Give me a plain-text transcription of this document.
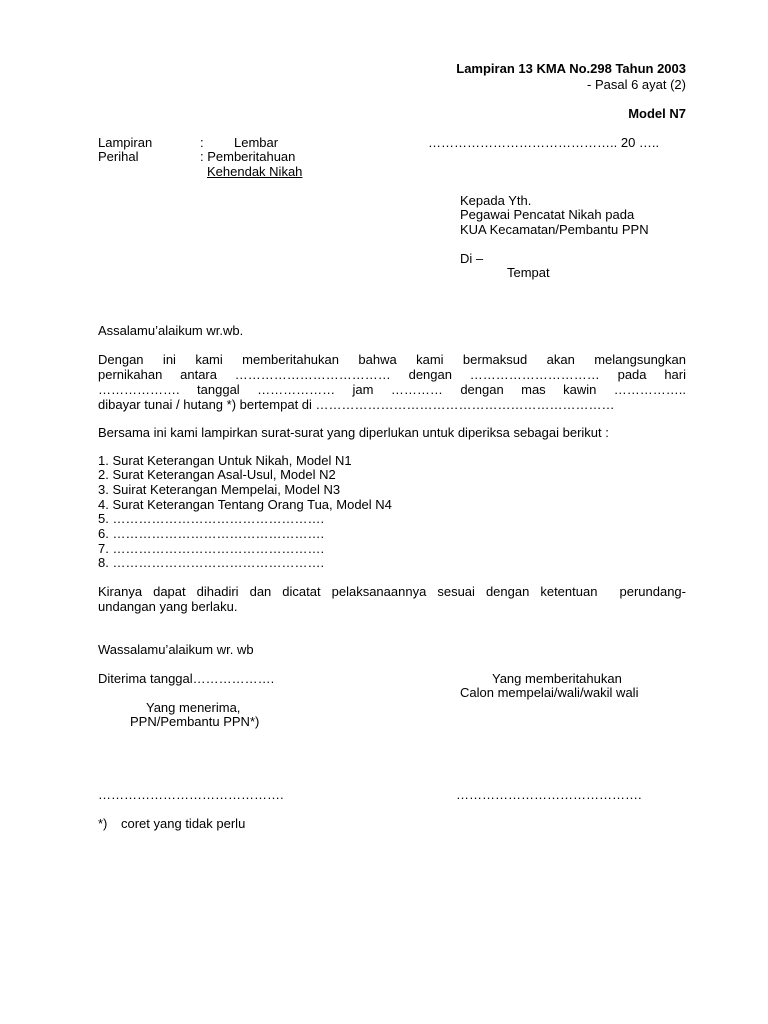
Lampiran 13 KMA No.298 Tahun 2003
- Pasal 6 ayat (2)
Model N7
Lampiran	: Lembar	…………………………………….. 20 …..
Perihal	: Pemberitahuan
Kehendak Nikah
Kepada Yth.
Pegawai Pencatat Nikah pada
KUA Kecamatan/Pembantu PPN
Di –
Tempat
Assalamu’alaikum wr.wb.
Dengan ini kami memberitahukan bahwa kami bermaksud akan melangsungkan
pernikahan antara ……………………………… dengan ………………………… pada hari
………………. tanggal ……………… jam ………… dengan mas kawin ……………..
dibayar tunai / hutang *) bertempat di ……………………………………………………………
Bersama ini kami lampirkan surat-surat yang diperlukan untuk diperiksa sebagai berikut :
1. Surat Keterangan Untuk Nikah, Model N1
2. Surat Keterangan Asal-Usul, Model N2
3. Suirat Keterangan Mempelai, Model N3
4. Surat Keterangan Tentang Orang Tua, Model N4
5. ………………………………………….
6. ………………………………………….
7. ………………………………………….
8. ………………………………………….
Kiranya dapat dihadiri dan dicatat pelaksanaannya sesuai dengan ketentuan  perundang-
undangan yang berlaku.
Wassalamu’alaikum wr. wb
Diterima tanggal……………….	Yang memberitahukan
Calon mempelai/wali/wakil wali
Yang menerima,
PPN/Pembantu PPN*)
…………………………………….	…………………………………….
*) coret yang tidak perlu
